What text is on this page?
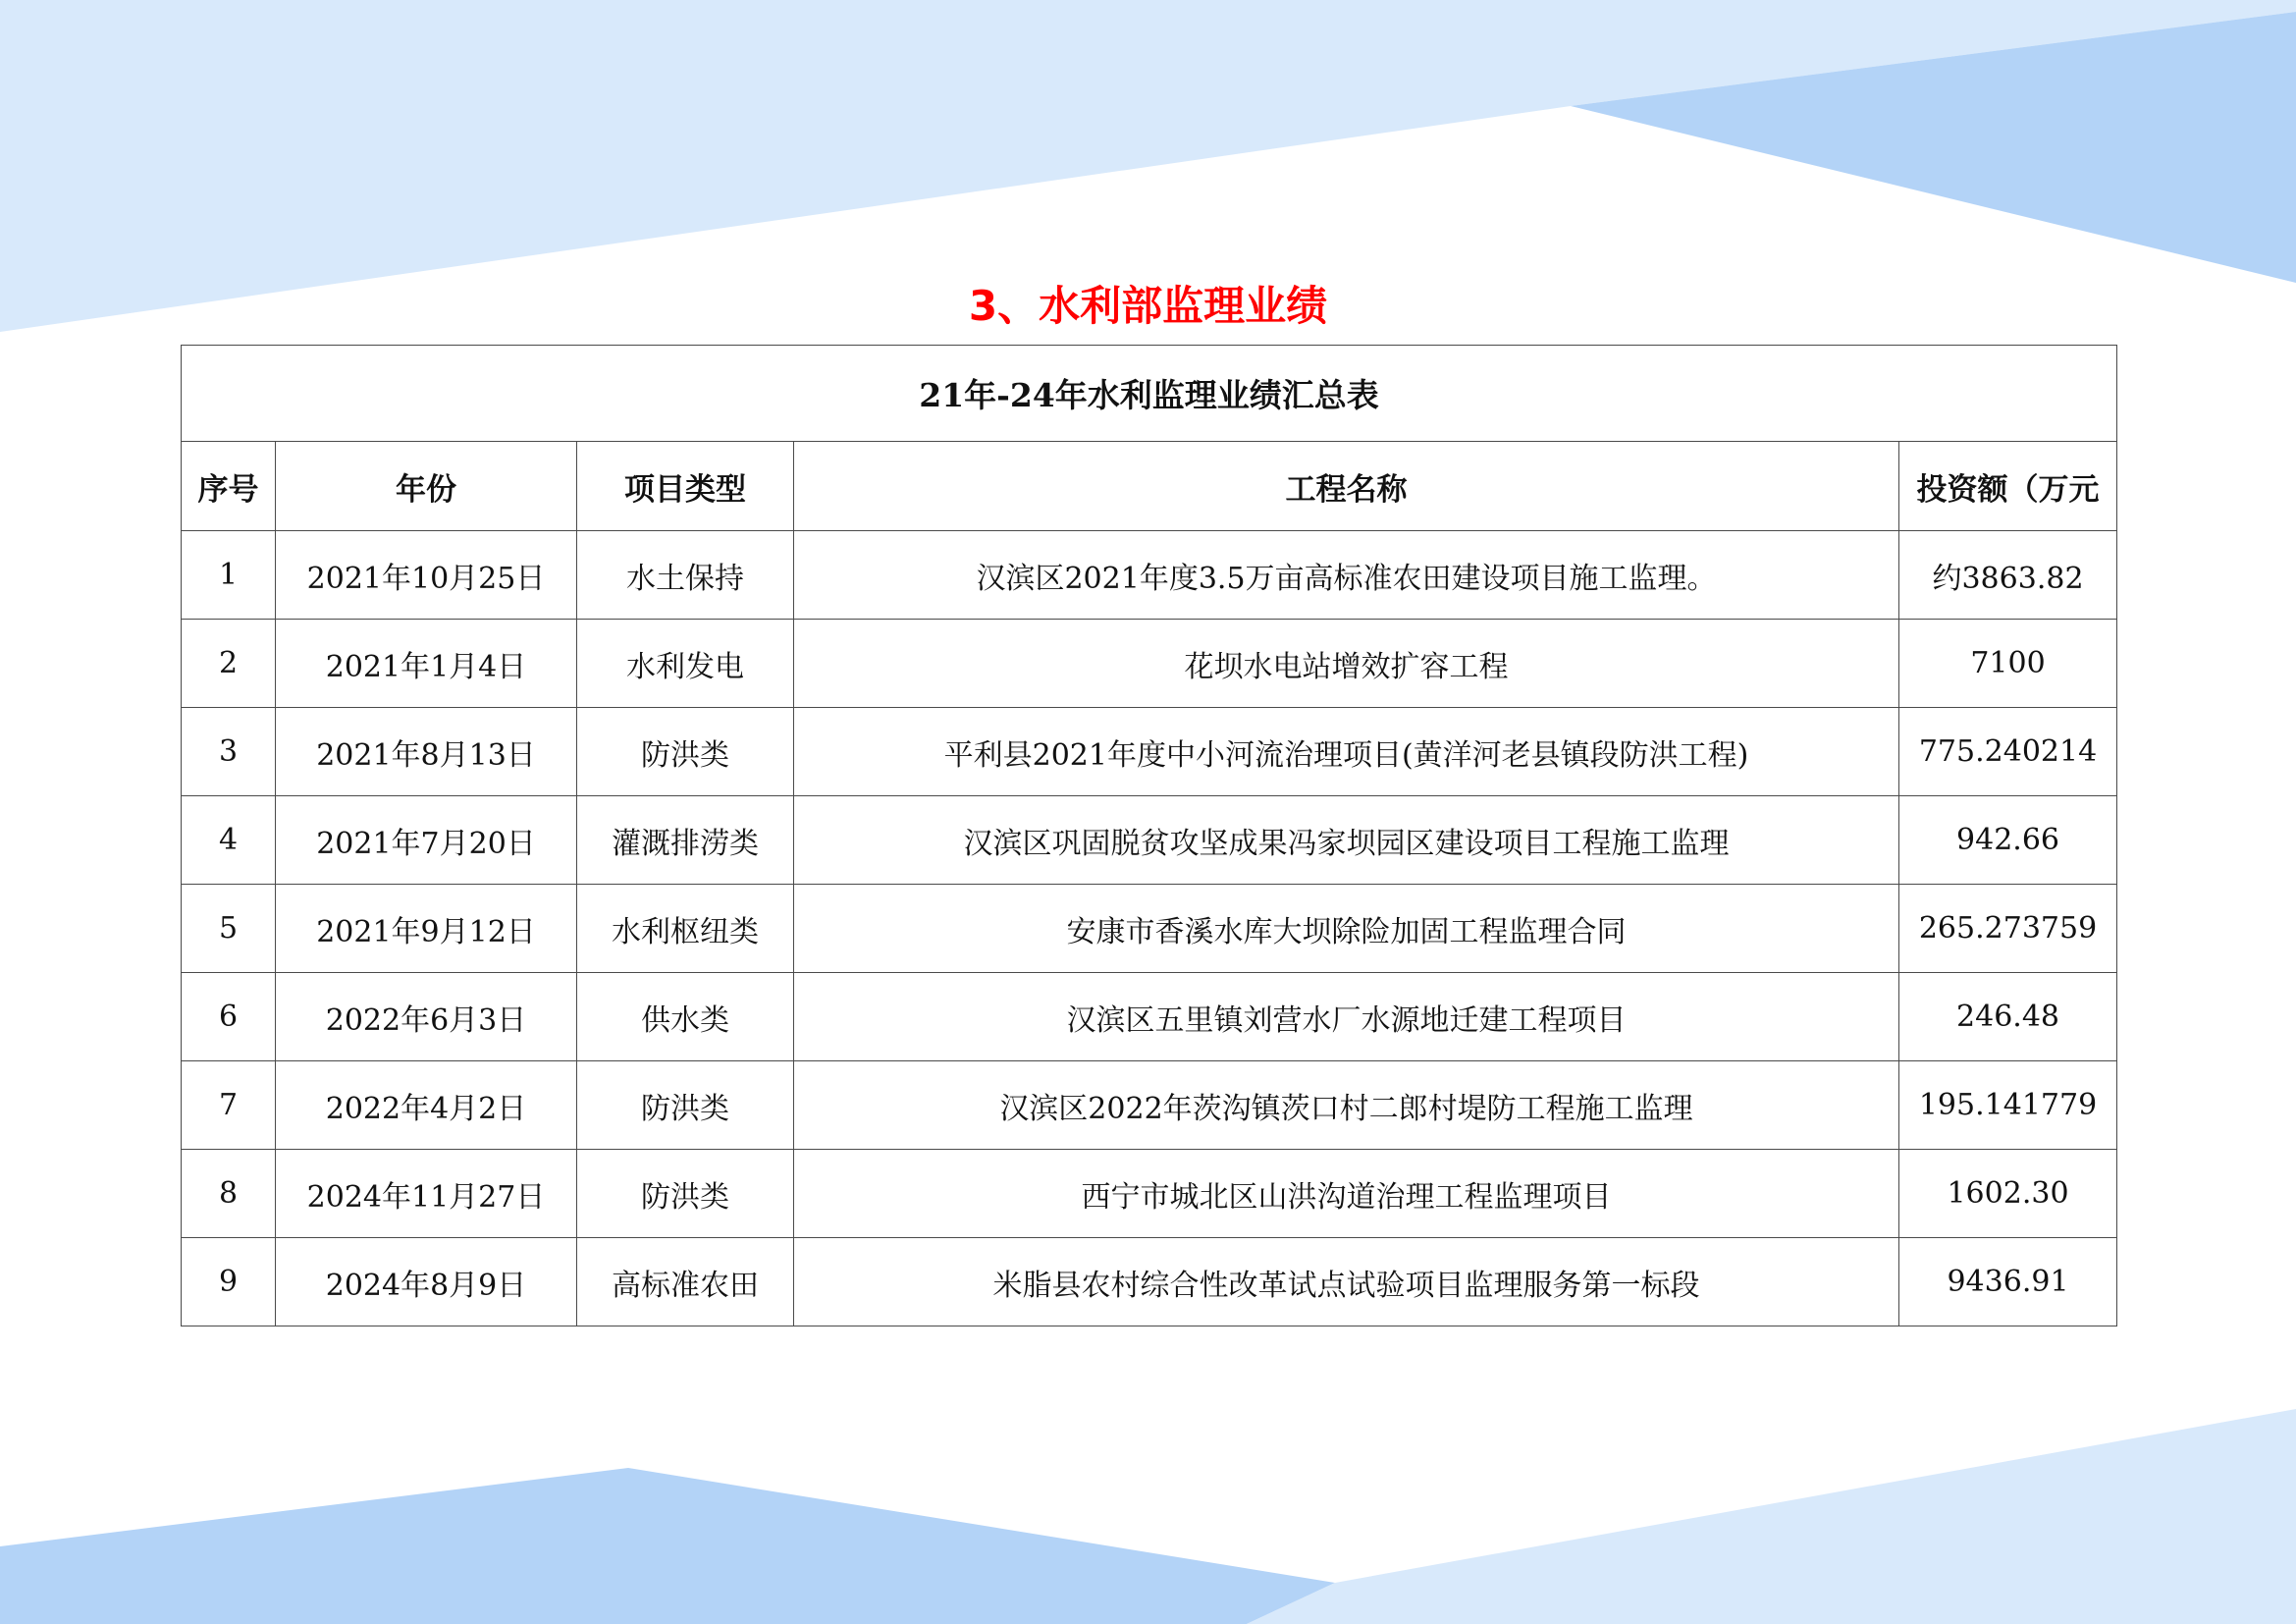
3、水利部监理业绩
21年-24年水利监理业绩汇总表				
序号	年份	项目类型	工程名称	投资额（万元
1	2021年10月25日	水土保持	汉滨区2021年度3.5万亩高标准农田建设项目施工监理。	约3863.82
2	2021年1月4日	水利发电	花坝水电站增效扩容工程	7100
3	2021年8月13日	防洪类	平利县2021年度中小河流治理项目(黄洋河老县镇段防洪工程)	775.240214
4	2021年7月20日	灌溉排涝类	汉滨区巩固脱贫攻坚成果冯家坝园区建设项目工程施工监理	942.66
5	2021年9月12日	水利枢纽类	安康市香溪水库大坝除险加固工程监理合同	265.273759
6	2022年6月3日	供水类	汉滨区五里镇刘营水厂水源地迁建工程项目	246.48
7	2022年4月2日	防洪类	汉滨区2022年茨沟镇茨口村二郎村堤防工程施工监理	195.141779
8	2024年11月27日	防洪类	西宁市城北区山洪沟道治理工程监理项目	1602.30
9	2024年8月9日	高标准农田	米脂县农村综合性改革试点试验项目监理服务第一标段	9436.91
